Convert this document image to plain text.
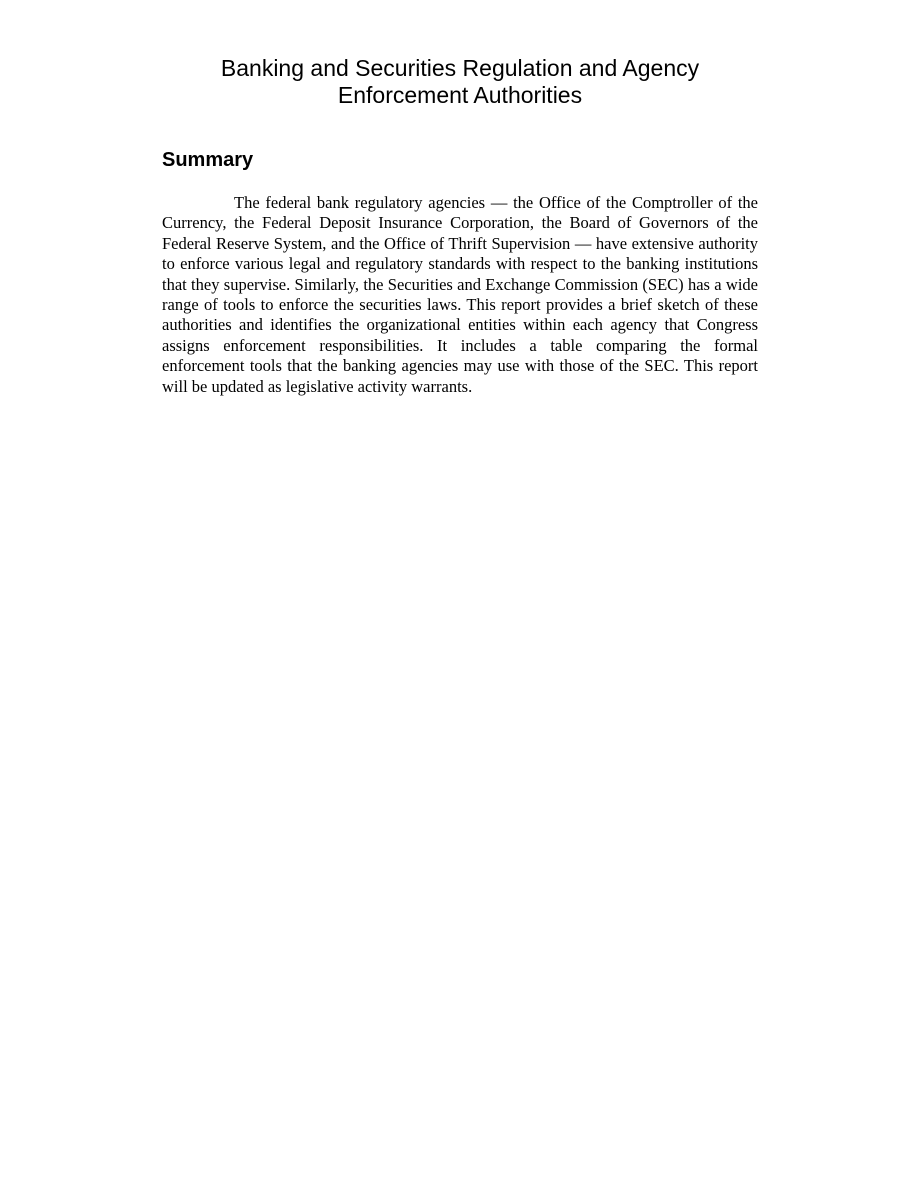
Banking and Securities Regulation and Agency
Enforcement Authorities
Summary

The federal bank regulatory agencies — the Office of the Comptroller of the Currency, the Federal Deposit Insurance Corporation, the Board of Governors of the Federal Reserve System, and the Office of Thrift Supervision — have extensive authority to enforce various legal and regulatory standards with respect to the banking institutions that they supervise. Similarly, the Securities and Exchange Commission (SEC) has a wide range of tools to enforce the securities laws. This report provides a brief sketch of these authorities and identifies the organizational entities within each agency that Congress assigns enforcement responsibilities. It includes a table comparing the formal enforcement tools that the banking agencies may use with those of the SEC. This report will be updated as legislative activity warrants.
